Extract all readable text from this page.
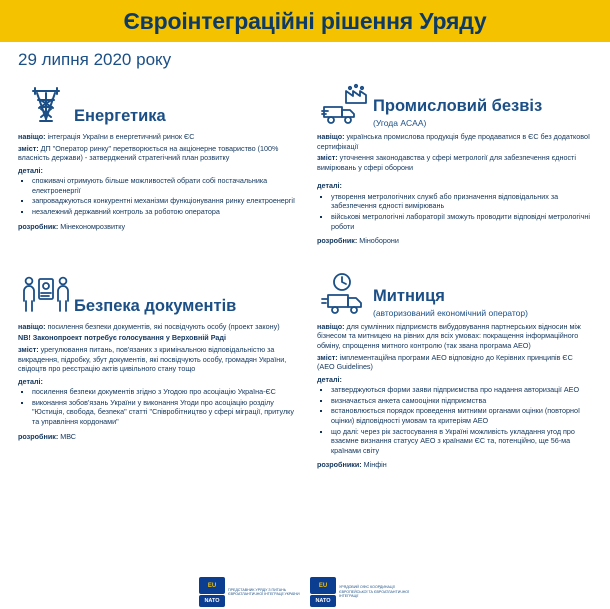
Євроінтеграційні рішення Уряду
29 липня 2020 року
Енергетика
навіщо: інтеграція України в енергетичний ринок ЄС
зміст: ДП "Оператор ринку" перетворюється на акціонерне товариство (100% власність держави) - затверджений стратегічний план розвитку
деталі:
▪ споживачі отримують більше можливостей обрати собі постачальника електроенергії
▪ запроваджуються конкурентні механізми функціонування ринку електроенергії
▪ незалежний державний контроль за роботою оператора
розробник: Мінекономрозвитку
Промисловий безвіз
(Угода ACAA)
навіщо: українська промислова продукція буде продаватися в ЄС без додаткової сертифікації
зміст: уточнення законодавства у сфері метрології для забезпечення єдності вимірювань у сфері оборони
деталі:
▪ утворення метрологічних служб або призначення відповідальних за забезпечення єдності вимірювань
▪ військові метрологічні лабораторії зможуть проводити відповідні метрологічні роботи
розробник: Міноборони
Безпека документів
навіщо: посилення безпеки документів, які посвідчують особу (проект закону)
NB! Законопроект потребує голосування у Верховній Раді
зміст: урегулювання питань, пов'язаних з кримінальною відповідальністю за викрадення, підробку, збут документів, які посвідчують особу, громадян України, свідоцтв про реєстрацію актів цивільного стану тощо
деталі:
▪ посилення безпеки документів згідно з Угодою про асоціацію Україна-ЄС
▪ виконання зобов'язань України у виконання Угоди про асоціацію розділу "Юстиція, свобода, безпека" статті "Співробітництво у сфері міграції, притулку та управління кордонами"
розробник: МВС
Митниця
(авторизований економічний оператор)
навіщо: для сумлінних підприємств вибудовування партнерських відносин між бізнесом та митницею на рівних для всіх умовах: покращення інформаційного обміну, спрощення митного контролю (так звана програма АЕО)
зміст: імплементаційна програми АЕО відповідно до Керівних принципів ЄС (AEO Guidelines)
деталі:
▪ затверджуються форми заяви підприємства про надання авторизації АЕО
▪ визначається анкета самооцінки підприємства
▪ встановлюється порядок проведення митними органами оцінки (повторної оцінки) відповідності умовам та критеріям АЕО
▪ що далі: через рік застосування в Україні можливість укладання угод про взаємне визнання статусу АЕО з країнами ЄС та, потенційно, ще 56-ма країнами світу
розробники: Мінфін
EU
NATO
ПРЕДСТАВНИК УРЯДУ З ПИТАНЬ ЄВРОАТЛАНТИЧНОЇ ІНТЕГРАЦІЇ УКРАЇНИ
EU
NATO
УРЯДОВИЙ ОФІС КООРДИНАЦІЇ ЄВРОПЕЙСЬКОЇ ТА ЄВРОАТЛАНТИЧНОЇ ІНТЕГРАЦІЇ
